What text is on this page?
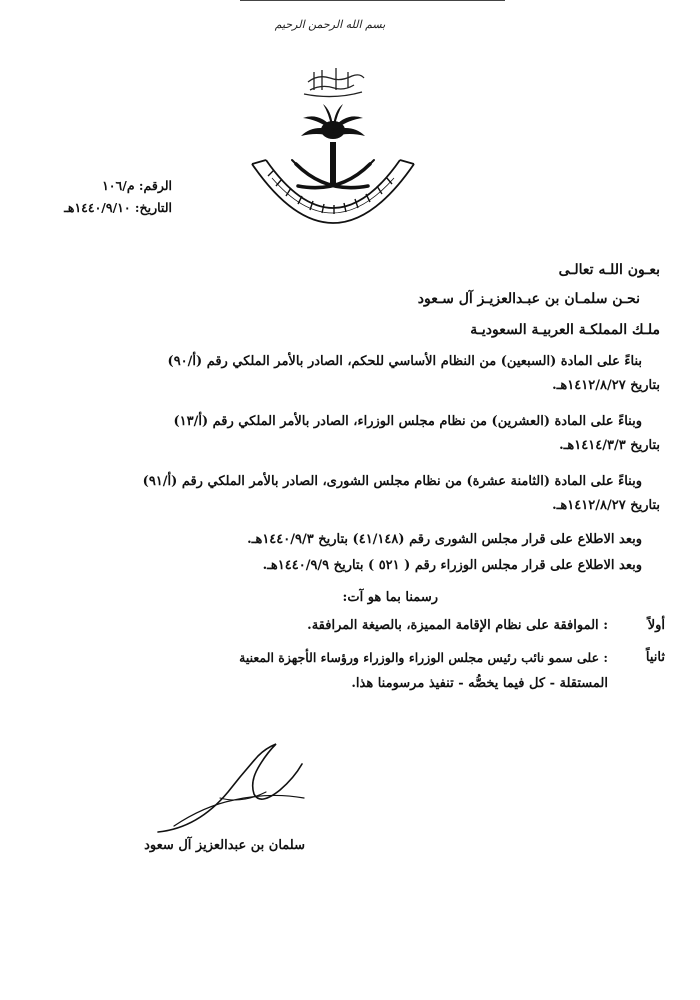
بسم الله الرحمن الرحيم
الرقم: م/١٠٦
التاريخ: ١٤٤٠/٩/١٠هـ
بعـون اللـه تعالـى
نحـن سلمـان بن عبـدالعزيـز آل سـعود
ملـك المملكـة العربيـة السعوديـة
بناءً على المادة (السبعين) من النظام الأساسي للحكم، الصادر بالأمر الملكي رقم (أ/٩٠)
بتاريخ ١٤١٢/٨/٢٧هـ.
وبناءً على المادة (العشرين) من نظام مجلس الوزراء، الصادر بالأمر الملكي رقم (أ/١٣)
بتاريخ ١٤١٤/٣/٣هـ.
وبناءً على المادة (الثامنة عشرة) من نظام مجلس الشورى، الصادر بالأمر الملكي رقم (أ/٩١)
بتاريخ ١٤١٢/٨/٢٧هـ.
وبعد الاطلاع على قرار مجلس الشورى رقم (٤١/١٤٨) بتاريخ ١٤٤٠/٩/٣هـ.
وبعد الاطلاع على قرار مجلس الوزراء رقم ( ٥٢١ ) بتاريخ ١٤٤٠/٩/٩هـ.
رسمنا بما هو آت:
أولاً
: الموافقة على نظام الإقامة المميزة، بالصيغة المرافقة.
ثانياً
: على سمو نائب رئيس مجلس الوزراء والوزراء ورؤساء الأجهزة المعنية
المستقلة - كل فيما يخصُّه - تنفيذ مرسومنا هذا.
سلمان بن عبدالعزيز آل سعود
